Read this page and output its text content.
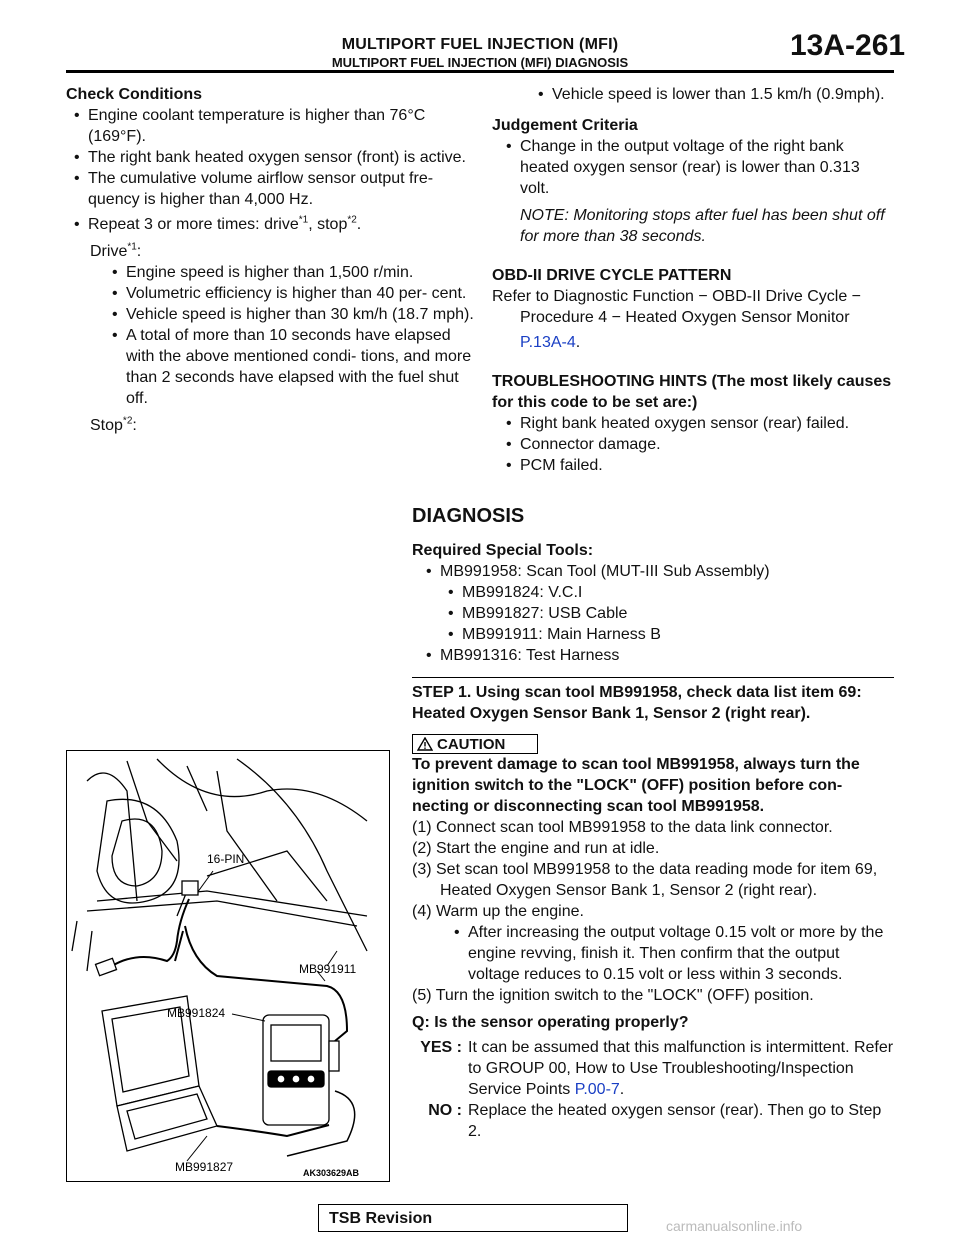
MULTIPORT FUEL INJECTION (MFI)
MULTIPORT FUEL INJECTION (MFI) DIAGNOSIS
13A-261

Check Conditions

• Engine coolant temperature is higher than 76°C (169°F).

• The right bank heated oxygen sensor (front) is active.

• The cumulative volume airflow sensor output fre- quency is higher than 4,000 Hz.

• Repeat 3 or more times: drive$^{*1}$, stop$^{*2}$.

Drive$^{*1}$:

• Engine speed is higher than 1,500 r/min.

• Volumetric efficiency is higher than 40 per- cent.

• Vehicle speed is higher than 30 km/h (18.7 mph).

• A total of more than 10 seconds have elapsed with the above mentioned condi- tions, and more than 2 seconds have elapsed with the fuel shut off.

Stop$^{*2}$:

• Vehicle speed is lower than 1.5 km/h (0.9mph).

Judgement Criteria

• Change in the output voltage of the right bank heated oxygen sensor (rear) is lower than 0.313 volt.

NOTE: Monitoring stops after fuel has been shut off for more than 38 seconds.

OBD-II DRIVE CYCLE PATTERN

Refer to Diagnostic Function − OBD-II Drive Cycle − Procedure 4 − Heated Oxygen Sensor Monitor

P.13A-4.

TROUBLESHOOTING HINTS (The most likely causes for this code to be set are:)

• Right bank heated oxygen sensor (rear) failed.

• Connector damage.

• PCM failed.

DIAGNOSIS

Required Special Tools:

• MB991958: Scan Tool (MUT-III Sub Assembly)

• MB991824: V.C.I

• MB991827: USB Cable

• MB991911: Main Harness B

• MB991316: Test Harness

STEP 1. Using scan tool MB991958, check data list item 69: Heated Oxygen Sensor Bank 1, Sensor 2 (right rear).

CAUTION

To prevent damage to scan tool MB991958, always turn the ignition switch to the "LOCK" (OFF) position before con- necting or disconnecting scan tool MB991958.

(1) Connect scan tool MB991958 to the data link connector.

(2) Start the engine and run at idle.

(3) Set scan tool MB991958 to the data reading mode for item 69, Heated Oxygen Sensor Bank 1, Sensor 2 (right rear).

(4) Warm up the engine.

• After increasing the output voltage 0.15 volt or more by the engine revving, finish it. Then confirm that the output voltage reduces to 0.15 volt or less within 3 seconds.

(5) Turn the ignition switch to the "LOCK" (OFF) position.

Q: Is the sensor operating properly?

YES : It can be assumed that this malfunction is intermittent. Refer to GROUP 00, How to Use Troubleshooting/Inspection Service Points P.00-7.
NO : Replace the heated oxygen sensor (rear). Then go to Step 2.
16-PIN
MB991911
MB991824
MB991827	AK303629AB
TSB Revision	carmanualsonline.info
